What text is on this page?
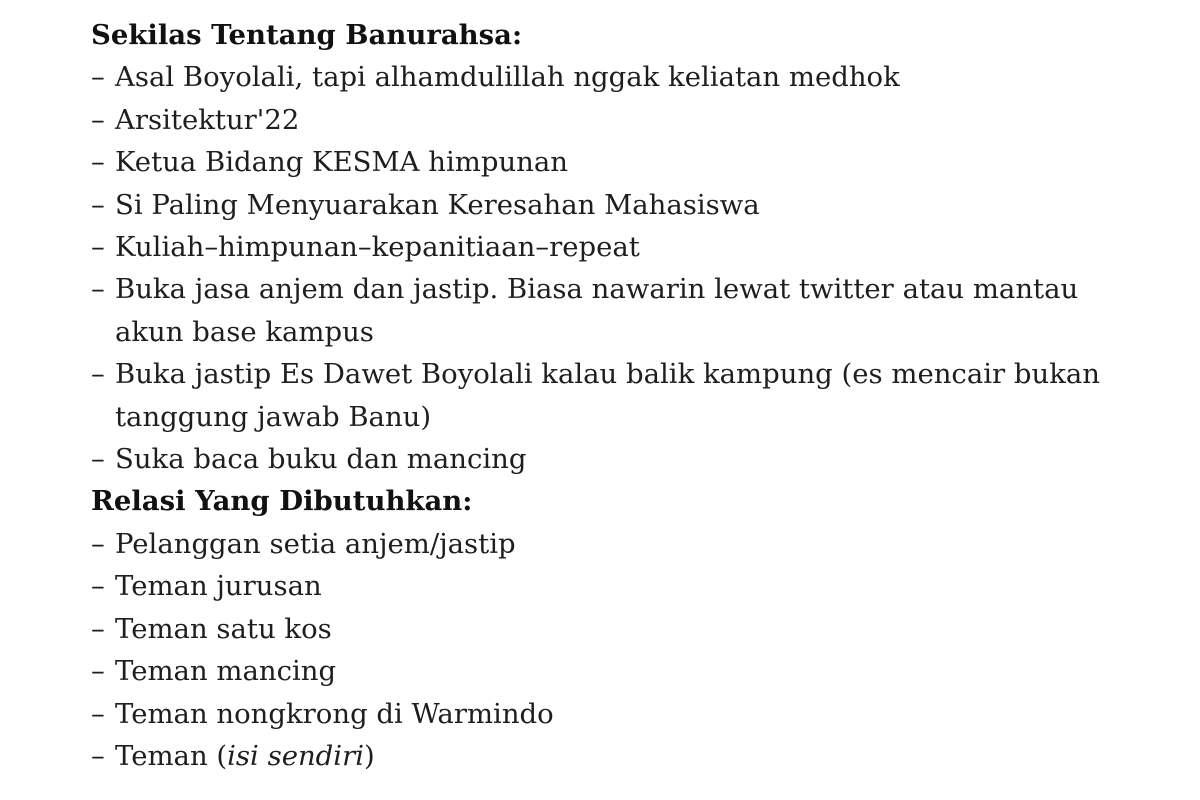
Sekilas Tentang Banurahsa:

– Asal Boyolali, tapi alhamdulillah nggak keliatan medhok
– Arsitektur'22
– Ketua Bidang KESMA himpunan
– Si Paling Menyuarakan Keresahan Mahasiswa
– Kuliah–himpunan–kepanitiaan–repeat
– Buka jasa anjem dan jastip. Biasa nawarin lewat twitter atau mantau akun base kampus
– Buka jastip Es Dawet Boyolali kalau balik kampung (es mencair bukan tanggung jawab Banu)
– Suka baca buku dan mancing

Relasi Yang Dibutuhkan:

– Pelanggan setia anjem/jastip
– Teman jurusan
– Teman satu kos
– Teman mancing
– Teman nongkrong di Warmindo
– Teman (isi sendiri)
